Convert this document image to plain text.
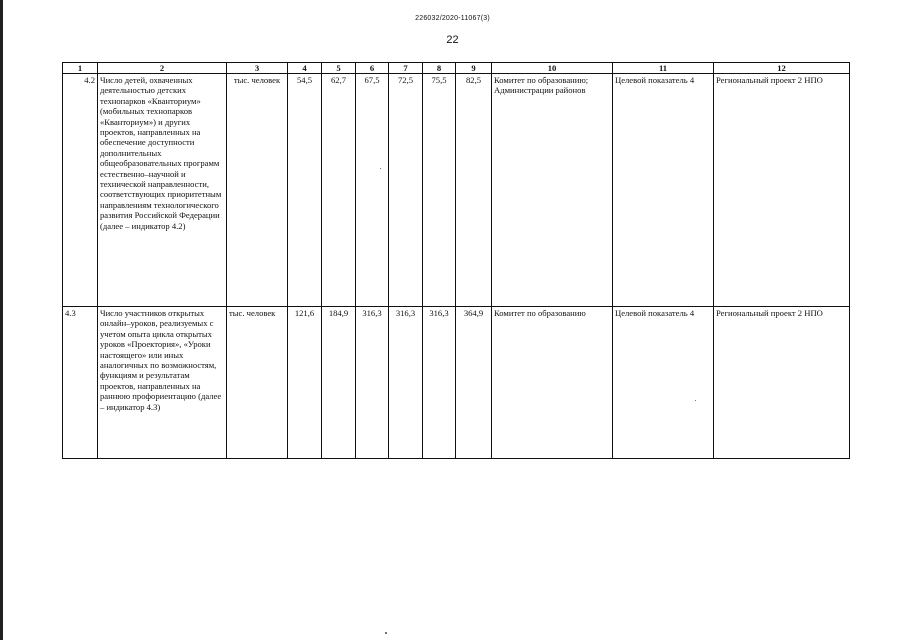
226032/2020-11067(3)
22
1	2	3	4	5	6	7	8	9	10	11	12
4.2	Число детей, охваченных деятельностью детских технопарков «Кванториум» (мобильных технопарков «Кванториум») и других проектов, направленных на обеспечение доступности дополнительных общеобразовательных программ естественно–научной и технической направленности, соответствующих приоритетным направлениям технологического развития Российской Федерации (далее – индикатор 4.2)	тыс. человек	54,5	62,7	67,5	72,5	75,5	82,5	Комитет по образованию; Администрации районов	Целевой показатель 4	Региональный проект 2 НПО
4.3	Число участников открытых онлайн–уроков, реализуемых с учетом опыта цикла открытых уроков «Проектория», «Уроки настоящего» или иных аналогичных по возможностям, функциям и результатам проектов, направленных на раннюю профориентацию (далее – индикатор 4.3)	тыс. человек	121,6	184,9	316,3	316,3	316,3	364,9	Комитет по образованию	Целевой показатель 4	Региональный проект 2 НПО
